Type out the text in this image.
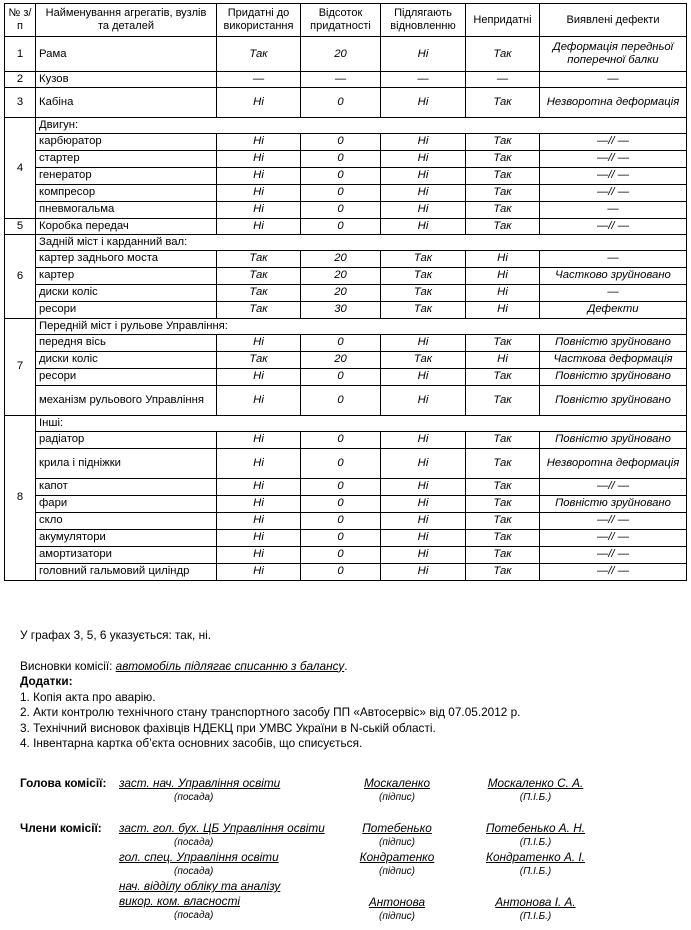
№ з/п	Найменування агрегатів, вузлів та деталей	Придатні до використання	Відсоток придатності	Підлягають відновленню	Непридатні	Виявлені дефекти
1	Рама	Так	20	Ні	Так	Деформація передньої поперечної балки
2	Кузов	—	—	—	—	—
3	Кабіна	Ні	0	Ні	Так	Незворотна деформація
4	Двигун:					
	карбюратор	Ні	0	Ні	Так	—// —
	стартер	Ні	0	Ні	Так	—// —
	генератор	Ні	0	Ні	Так	—// —
	компресор	Ні	0	Ні	Так	—// —
	пневмогальма	Ні	0	Ні	Так	—
5	Коробка передач	Ні	0	Ні	Так	—// —
6	Задній міст і карданний вал:					
	картер заднього моста	Так	20	Так	Ні	—
	картер	Так	20	Так	Ні	Частково зруйновано
	диски коліс	Так	20	Так	Ні	—
	ресори	Так	30	Так	Ні	Дефекти
7	Передній міст і рульове Управління:					
	передня вісь	Ні	0	Ні	Так	Повністю зруйновано
	диски коліс	Так	20	Так	Ні	Часткова деформація
	ресори	Ні	0	Ні	Так	Повністю зруйновано
	механізм рульового Управління	Ні	0	Ні	Так	Повністю зруйновано
8	Інші:					
	радіатор	Ні	0	Ні	Так	Повністю зруйновано
	крила і підніжки	Ні	0	Ні	Так	Незворотна деформація
	капот	Ні	0	Ні	Так	—// —
	фари	Ні	0	Ні	Так	Повністю зруйновано
	скло	Ні	0	Ні	Так	—// —
	акумулятори	Ні	0	Ні	Так	—// —
	амортизатори	Ні	0	Ні	Так	—// —
	головний гальмовий циліндр	Ні	0	Ні	Так	—// —

У графах 3, 5, 6 указується: так, ні.

Висновки комісії: автомобіль підлягає списанню з балансу.

Додатки:

1. Копія акта про аварію.

2. Акти контролю технічного стану транспортного засобу ПП «Автосервіс» від 07.05.2012 р.

3. Технічний висновок фахівців НДЕКЦ при УМВС України в N-ській області.

4. Інвентарна картка об’єкта основних засобів, що списується.

Голова комісії: заст. нач. Управління освіти
(посада)
Москаленко
(підпис)
Москаленко С. А.
(П.І.Б.)
Члени комісії: заст. гол. бух. ЦБ Управління освіти
(посада)
Потебенько
(підпис)
Потебенько А. Н.
(П.І.Б.)
гол. спец. Управління освіти
(посада)
Кондратенко
(підпис)
Кондратенко А. І.
(П.І.Б.)
нач. відділу обліку та аналізу
викор. ком. власності
(посада)
Антонова
(підпис)
Антонова І. А.
(П.І.Б.)
